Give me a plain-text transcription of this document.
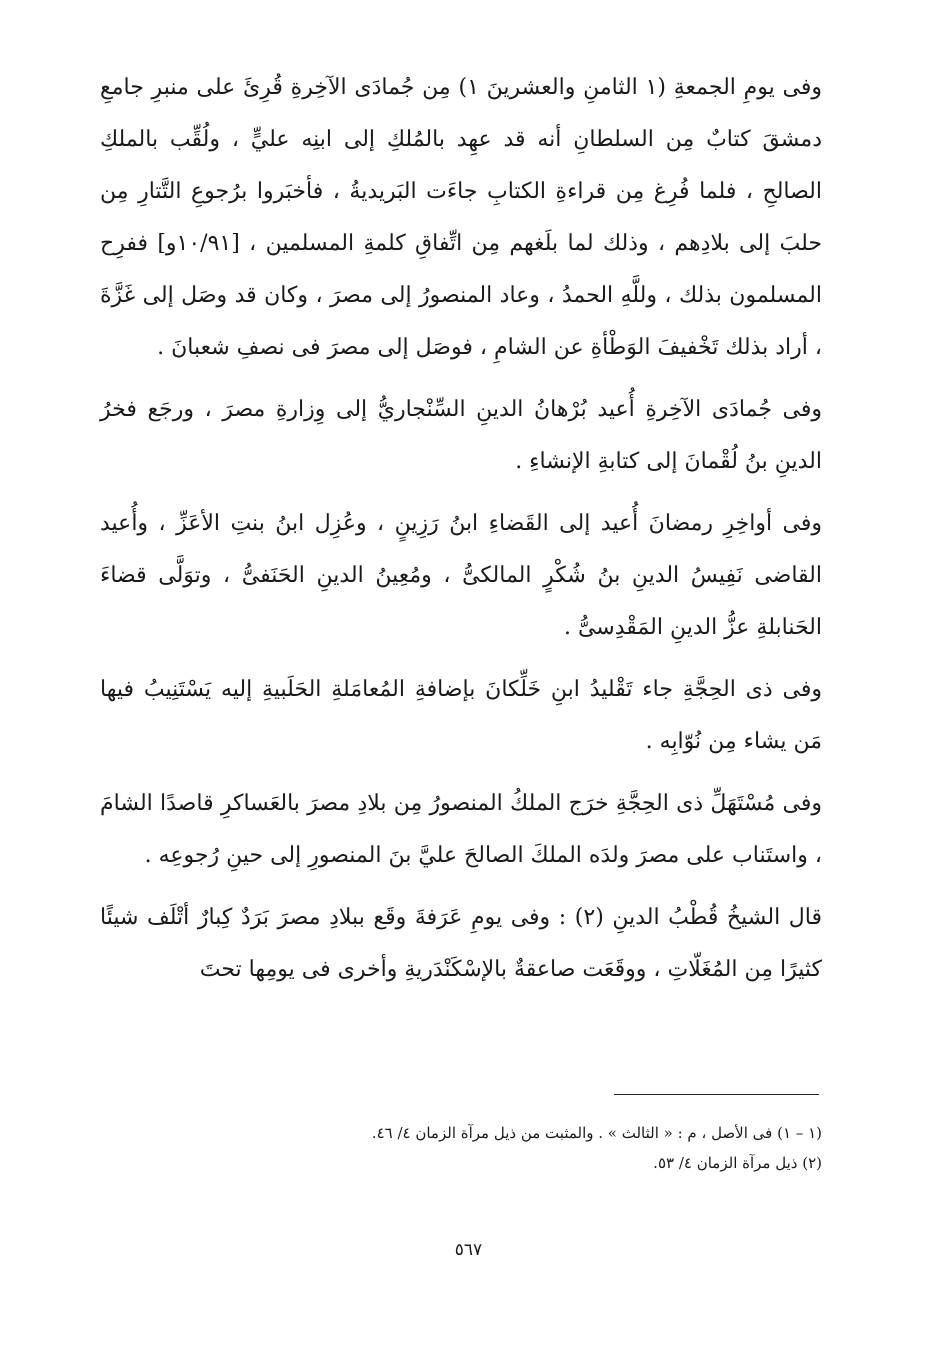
وفى يومِ الجمعةِ (١ الثامنِ والعشرينَ ١) مِن جُمادَى الآخِرةِ قُرِئَ على منبرِ جامعِ دمشقَ كتابٌ مِن السلطانِ أنه قد عهِد بالمُلكِ إلى ابنِه عليٍّ ، ولُقِّب بالملكِ الصالحِ ، فلما فُرِغ مِن قراءةِ الكتابِ جاءَت البَريديةُ ، فأخبَروا برُجوعِ التَّتارِ مِن حلبَ إلى بلادِهم ، وذلك لما بلَغهم مِن اتِّفاقِ كلمةِ المسلمين ، [١٠/٩١و] ففرِح المسلمون بذلك ، وللَّهِ الحمدُ ، وعاد المنصورُ إلى مصرَ ، وكان قد وصَل إلى غَزَّةَ ، أراد بذلك تَخْفيفَ الوَطْأةِ عن الشامِ ، فوصَل إلى مصرَ فى نصفِ شعبانَ .

وفى جُمادَى الآخِرةِ أُعيد بُرْهانُ الدينِ السِّنْجاريُّ إلى وِزارةِ مصرَ ، ورجَع فخرُ الدينِ بنُ لُقْمانَ إلى كتابةِ الإنشاءِ .

وفى أواخِرِ رمضانَ أُعيد إلى القَضاءِ ابنُ رَزِينٍ ، وعُزِل ابنُ بنتِ الأعَزِّ ، وأُعيد القاضى نَفِيسُ الدينِ بنُ شُكْرٍ المالكىُّ ، ومُعِينُ الدينِ الحَنَفىُّ ، وتوَلَّى قضاءَ الحَنابلةِ عزُّ الدينِ المَقْدِسىُّ .

وفى ذى الحِجَّةِ جاء تَقْليدُ ابنِ خَلِّكانَ بإضافةِ المُعامَلةِ الحَلَبيةِ إليه يَسْتَنِيبُ فيها مَن يشاء مِن نُوّابِه .

وفى مُسْتَهَلِّ ذى الحِجَّةِ خرَج الملكُ المنصورُ مِن بلادِ مصرَ بالعَساكرِ قاصدًا الشامَ ، واستَناب على مصرَ ولدَه الملكَ الصالحَ عليَّ بنَ المنصورِ إلى حينِ رُجوعِه .

قال الشيخُ قُطْبُ الدينِ (٢) : وفى يومِ عَرَفةَ وقَع ببلادِ مصرَ بَرَدٌ كِبارٌ أتْلَف شيئًا كثيرًا مِن المُغَلّاتِ ، ووقَعَت صاعقةٌ بالإسْكَنْدَريةِ وأخرى فى يومِها تحتَ

(١ – ١) فى الأصل ، م : « الثالث » . والمثبت من ذيل مرآة الزمان ٤/ ٤٦.

(٢) ذيل مرآة الزمان ٤/ ٥٣.

٥٦٧
